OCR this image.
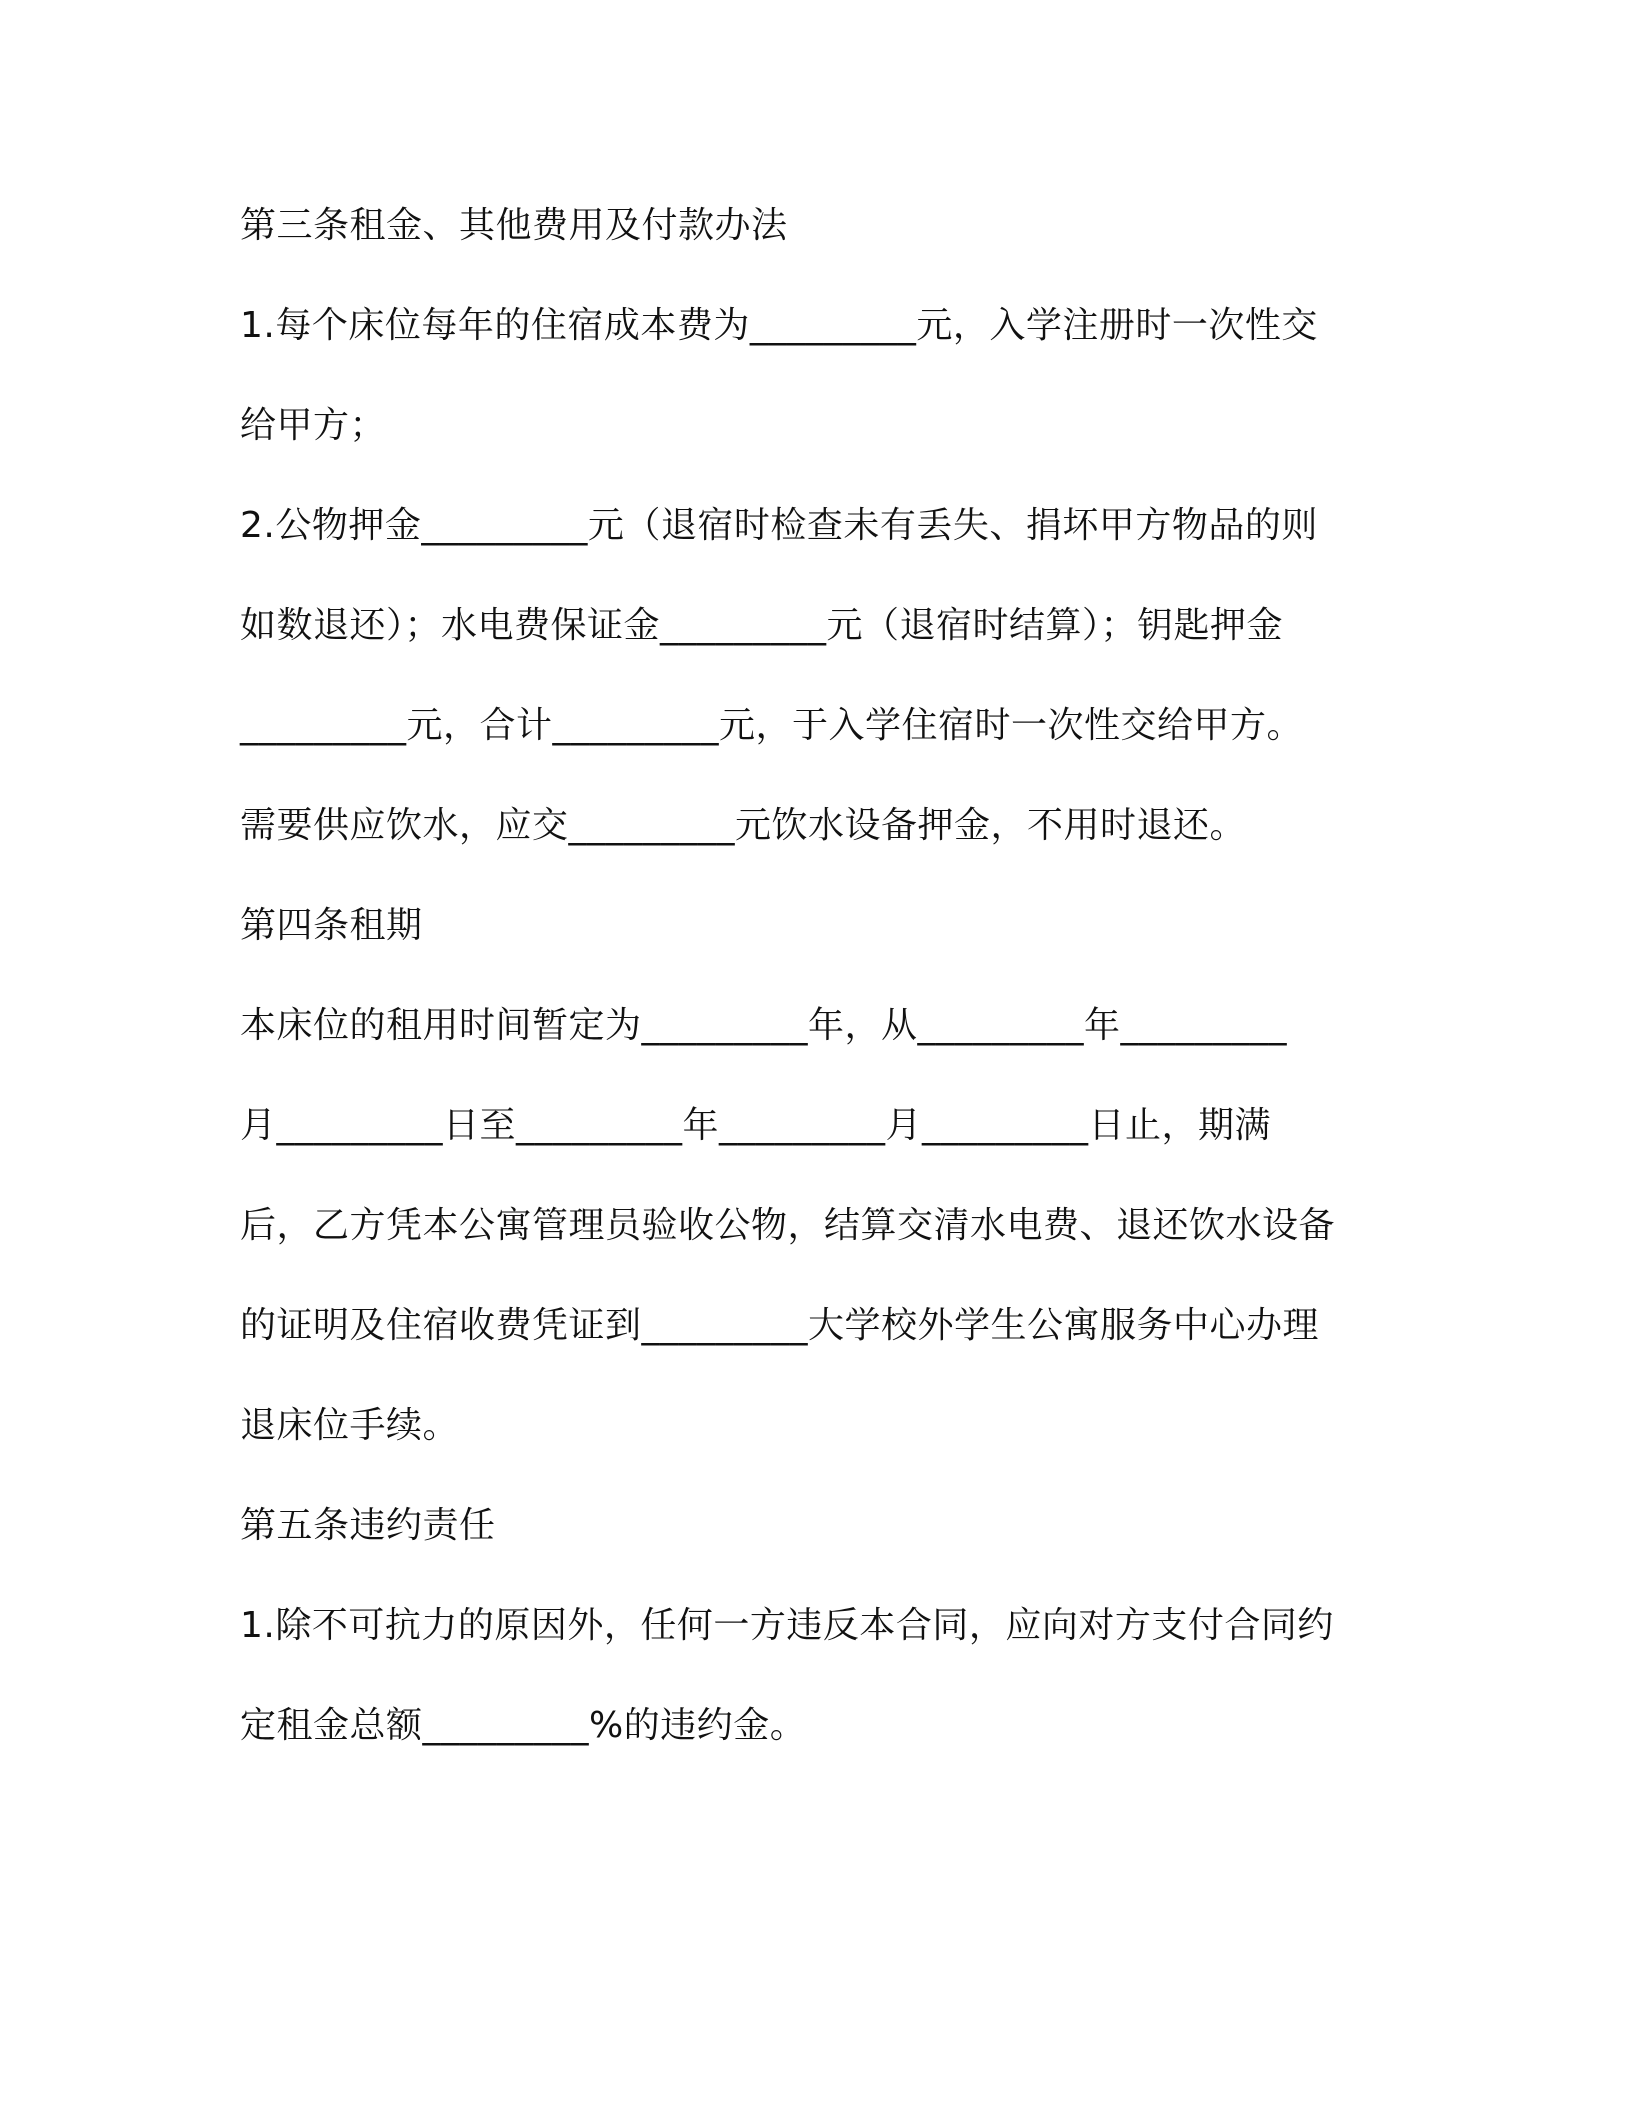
第三条租金、其他费用及付款办法
1.每个床位每年的住宿成本费为_________元，入学注册时一次性交
给甲方；
2.公物押金_________元（退宿时检查未有丢失、捐坏甲方物品的则
如数退还）；水电费保证金_________元（退宿时结算）；钥匙押金
_________元，合计_________元，于入学住宿时一次性交给甲方。
需要供应饮水，应交_________元饮水设备押金，不用时退还。
第四条租期
本床位的租用时间暂定为_________年，从_________年_________
月_________日至_________年_________月_________日止，期满
后，乙方凭本公寓管理员验收公物，结算交清水电费、退还饮水设备
的证明及住宿收费凭证到_________大学校外学生公寓服务中心办理
退床位手续。
第五条违约责任
1.除不可抗力的原因外，任何一方违反本合同，应向对方支付合同约
定租金总额_________%的违约金。
